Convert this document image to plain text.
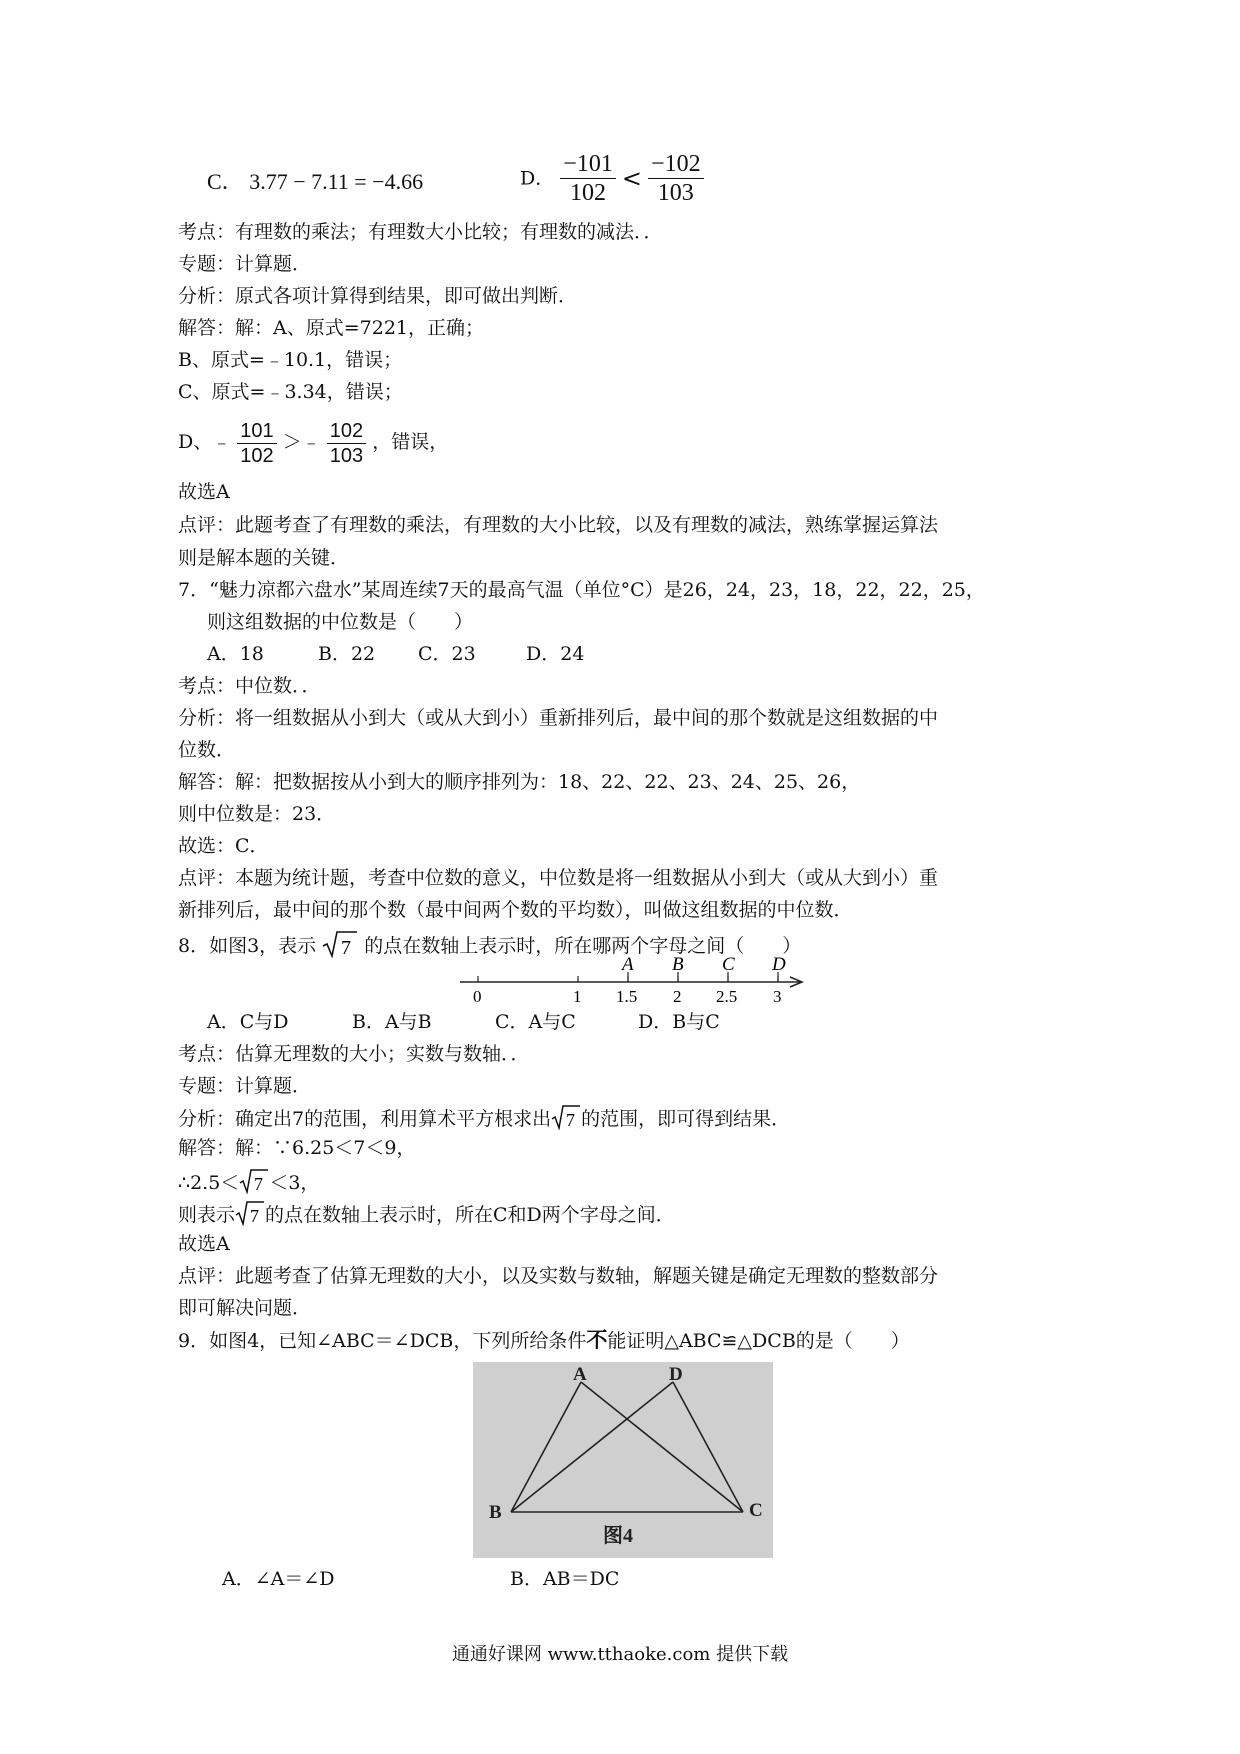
C． 3.77 − 7.11 = −4.66	D． $\frac{-101}{102} < \frac{-102}{103}$
考点：有理数的乘法；有理数大小比较；有理数的减法．．
专题：计算题．
分析：原式各项计算得到结果，即可做出判断．
解答：解：A、原式=7221，正确；
B、原式=﹣10.1，错误；
C、原式=﹣3.34，错误；
D、﹣ $\frac{101}{102}$ ＞﹣ $\frac{102}{103}$ ，错误，
故选A
点评：此题考查了有理数的乘法，有理数的大小比较，以及有理数的减法，熟练掌握运算法
则是解本题的关键．
7．“魅力凉都六盘水”某周连续7天的最高气温（单位°C）是26，24，23，18，22，22，25，
则这组数据的中位数是（　　）
A．18	B．22 C．23	D．24
考点：中位数．．
分析：将一组数据从小到大（或从大到小）重新排列后，最中间的那个数就是这组数据的中
位数．
解答：解：把数据按从小到大的顺序排列为：18、22、22、23、24、25、26，
则中位数是：23．
故选：C．
点评：本题为统计题，考查中位数的意义，中位数是将一组数据从小到大（或从大到小）重
新排列后，最中间的那个数（最中间两个数的平均数），叫做这组数据的中位数．
8．如图3，表示 7 的点在数轴上表示时，所在哪两个字母之间（　　）
0	1 1.5 2 2.5 3
A B C D
A．C与D	B．A与B	C．A与C	D．B与C
考点：估算无理数的大小；实数与数轴．．
专题：计算题．
分析：确定出7的范围，利用算术平方根求出 7 的范围，即可得到结果．
解答：解：∵6.25＜7＜9，
∴2.5＜ 7 ＜3，
则表示 7 的点在数轴上表示时，所在C和D两个字母之间．
故选A
点评：此题考查了估算无理数的大小，以及实数与数轴，解题关键是确定无理数的整数部分
即可解决问题．
9．如图4，已知∠ABC＝∠DCB，下列所给条件不能证明△ABC≌△DCB的是（　　）
A	D
B	C
图4
A．∠A＝∠D	B．AB＝DC
通通好课网 www.tthaoke.com 提供下载
